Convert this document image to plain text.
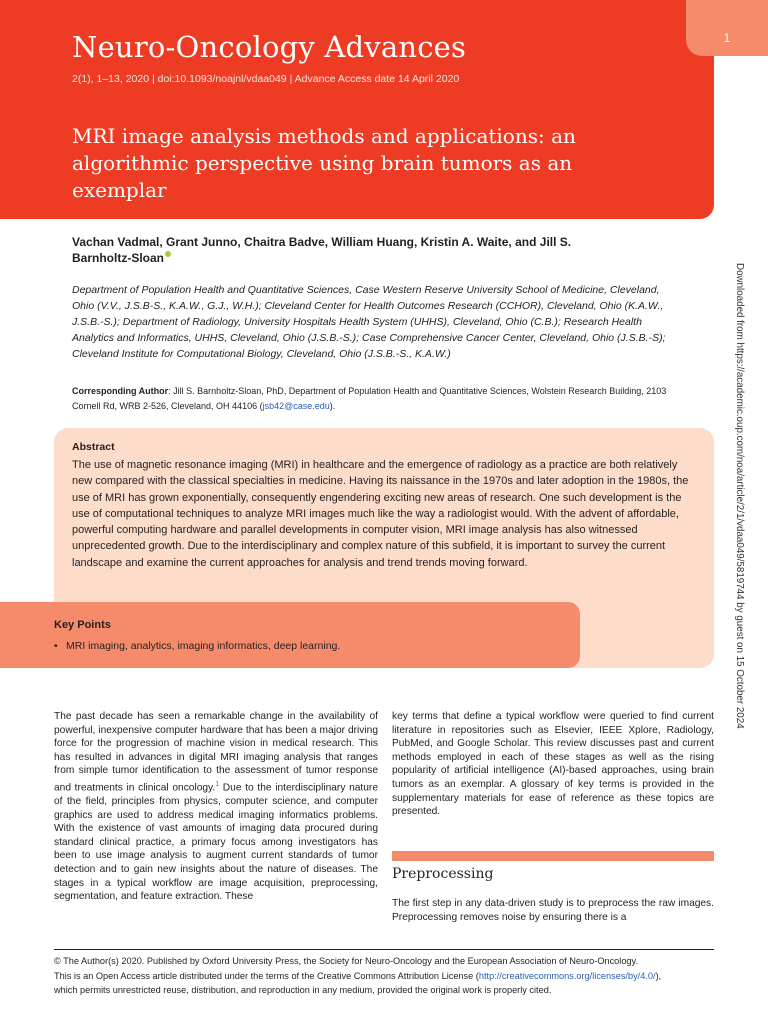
1
Neuro-Oncology Advances
2(1), 1–13, 2020 | doi:10.1093/noajnl/vdaa049 | Advance Access date 14 April 2020
MRI image analysis methods and applications: an algorithmic perspective using brain tumors as an exemplar
Vachan Vadmal, Grant Junno, Chaitra Badve, William Huang, Kristin A. Waite, and Jill S. Barnholtz-Sloan
Department of Population Health and Quantitative Sciences, Case Western Reserve University School of Medicine, Cleveland, Ohio (V.V., J.S.B-S., K.A.W., G.J., W.H.); Cleveland Center for Health Outcomes Research (CCHOR), Cleveland, Ohio (K.A.W., J.S.B.-S.); Department of Radiology, University Hospitals Health System (UHHS), Cleveland, Ohio (C.B.); Research Health Analytics and Informatics, UHHS, Cleveland, Ohio (J.S.B.-S.); Case Comprehensive Cancer Center, Cleveland, Ohio (J.S.B.-S); Cleveland Institute for Computational Biology, Cleveland, Ohio (J.S.B.-S., K.A.W.)
Corresponding Author: Jill S. Barnholtz-Sloan, PhD, Department of Population Health and Quantitative Sciences, Wolstein Research Building, 2103 Cornell Rd, WRB 2-526, Cleveland, OH 44106 (jsb42@case.edu).
Abstract
The use of magnetic resonance imaging (MRI) in healthcare and the emergence of radiology as a practice are both relatively new compared with the classical specialties in medicine. Having its naissance in the 1970s and later adoption in the 1980s, the use of MRI has grown exponentially, consequently engendering exciting new areas of research. One such development is the use of computational techniques to analyze MRI images much like the way a radiologist would. With the advent of affordable, powerful computing hardware and parallel developments in computer vision, MRI image analysis has also witnessed unprecedented growth. Due to the interdisciplinary and complex nature of this subfield, it is important to survey the current landscape and examine the current approaches for analysis and trend trends moving forward.
Key Points
• MRI imaging, analytics, imaging informatics, deep learning.
The past decade has seen a remarkable change in the availability of powerful, inexpensive computer hardware that has been a major driving force for the progression of machine vision in medical research. This has resulted in advances in digital MRI imaging analysis that ranges from simple tumor identification to the assessment of tumor response and treatments in clinical oncology.$^1$ Due to the interdisciplinary nature of the field, principles from physics, computer science, and computer graphics are used to address medical imaging informatics problems. With the existence of vast amounts of imaging data procured during standard clinical practice, a primary focus among investigators has been to use image analysis to augment current standards of tumor detection and to gain new insights about the nature of diseases. The stages in a typical workflow are image acquisition, preprocessing, segmentation, and feature extraction. These
key terms that define a typical workflow were queried to find current literature in repositories such as Elsevier, IEEE Xplore, Radiology, PubMed, and Google Scholar. This review discusses past and current methods employed in each of these stages as well as the rising popularity of artificial intelligence (AI)-based approaches, using brain tumors as an exemplar. A glossary of key terms is provided in the supplementary materials for ease of reference as these topics are presented.
Preprocessing
The first step in any data-driven study is to preprocess the raw images. Preprocessing removes noise by ensuring there is a
© The Author(s) 2020. Published by Oxford University Press, the Society for Neuro-Oncology and the European Association of Neuro-Oncology.
This is an Open Access article distributed under the terms of the Creative Commons Attribution License (http://creativecommons.org/licenses/by/4.0/),
which permits unrestricted reuse, distribution, and reproduction in any medium, provided the original work is properly cited.
Downloaded from https://academic.oup.com/noa/article/2/1/vdaa049/5819744 by guest on 15 October 2024
